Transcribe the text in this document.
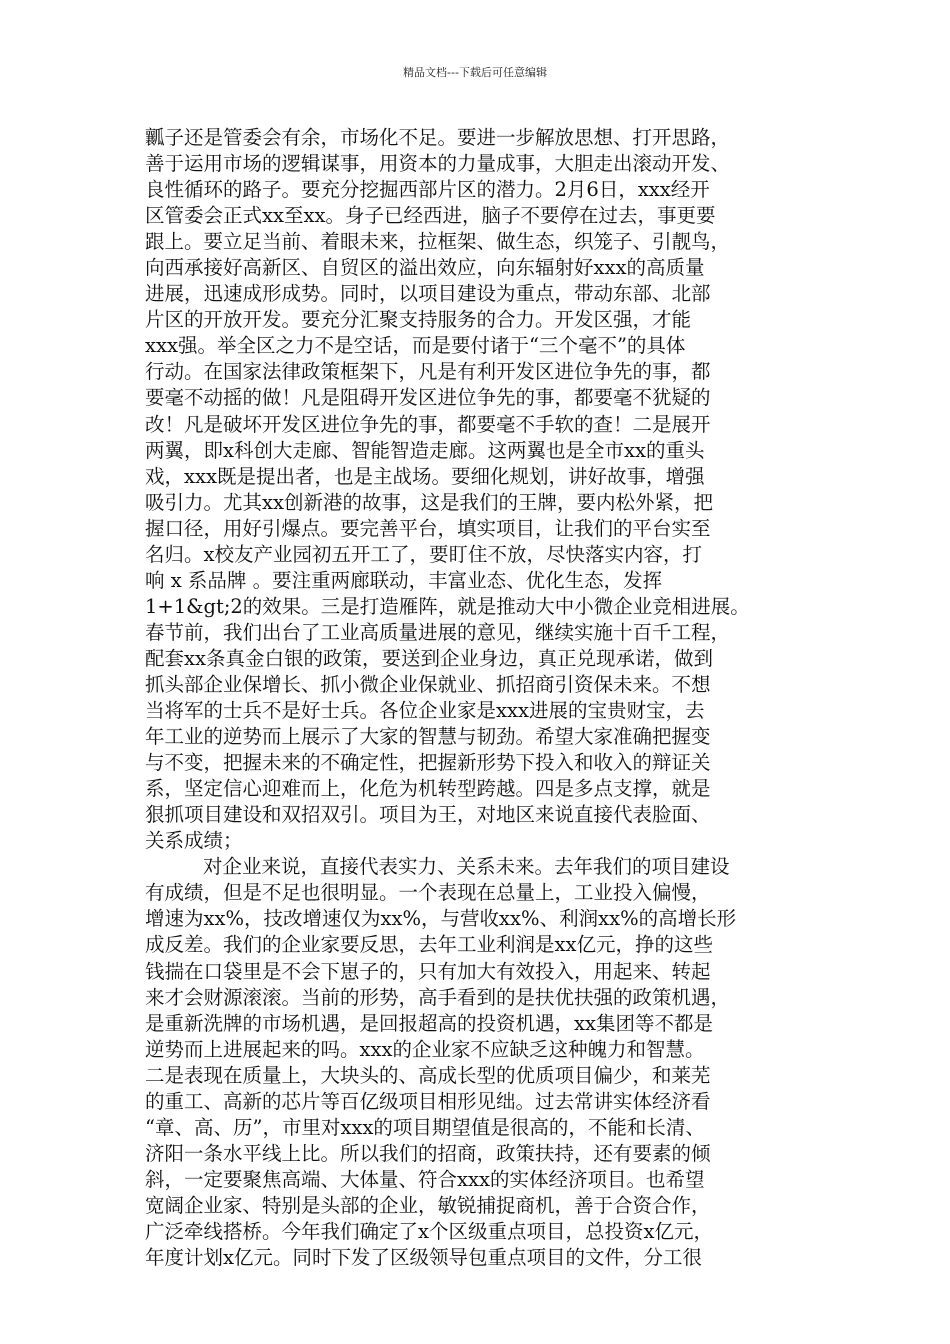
精品文档---下载后可任意编辑
瓤子还是管委会有余，市场化不足。要进一步解放思想、打开思路，
善于运用市场的逻辑谋事，用资本的力量成事，大胆走出滚动开发、
良性循环的路子。要充分挖掘西部片区的潜力。2月6日，xxx经开
区管委会正式xx至xx。身子已经西进，脑子不要停在过去，事更要
跟上。要立足当前、着眼未来，拉框架、做生态，织笼子、引靓鸟，
向西承接好高新区、自贸区的溢出效应，向东辐射好xxx的高质量
进展，迅速成形成势。同时，以项目建设为重点，带动东部、北部
片区的开放开发。要充分汇聚支持服务的合力。开发区强，才能
xxx强。举全区之力不是空话，而是要付诸于“三个毫不”的具体
行动。在国家法律政策框架下，凡是有利开发区进位争先的事，都
要毫不动摇的做！凡是阻碍开发区进位争先的事，都要毫不犹疑的
改！凡是破坏开发区进位争先的事，都要毫不手软的查！二是展开
两翼，即x科创大走廊、智能智造走廊。这两翼也是全市xx的重头
戏，xxx既是提出者，也是主战场。要细化规划，讲好故事，增强
吸引力。尤其xx创新港的故事，这是我们的王牌，要内松外紧，把
握口径，用好引爆点。要完善平台，填实项目，让我们的平台实至
名归。x校友产业园初五开工了，要盯住不放，尽快落实内容，打
响 x 系品牌 。要注重两廊联动，丰富业态、优化生态，发挥
1+1&gt;2的效果。三是打造雁阵，就是推动大中小微企业竞相进展。
春节前，我们出台了工业高质量进展的意见，继续实施十百千工程，
配套xx条真金白银的政策，要送到企业身边，真正兑现承诺，做到
抓头部企业保增长、抓小微企业保就业、抓招商引资保未来。不想
当将军的士兵不是好士兵。各位企业家是xxx进展的宝贵财宝，去
年工业的逆势而上展示了大家的智慧与韧劲。希望大家准确把握变
与不变，把握未来的不确定性，把握新形势下投入和收入的辩证关
系，坚定信心迎难而上，化危为机转型跨越。四是多点支撑，就是
狠抓项目建设和双招双引。项目为王，对地区来说直接代表脸面、
关系成绩；
对企业来说，直接代表实力、关系未来。去年我们的项目建设
有成绩，但是不足也很明显。一个表现在总量上，工业投入偏慢，
增速为xx%，技改增速仅为xx%，与营收xx%、利润xx%的高增长形
成反差。我们的企业家要反思，去年工业利润是xx亿元，挣的这些
钱揣在口袋里是不会下崽子的，只有加大有效投入，用起来、转起
来才会财源滚滚。当前的形势，高手看到的是扶优扶强的政策机遇，
是重新洗牌的市场机遇，是回报超高的投资机遇，xx集团等不都是
逆势而上进展起来的吗。xxx的企业家不应缺乏这种魄力和智慧。
二是表现在质量上，大块头的、高成长型的优质项目偏少，和莱芜
的重工、高新的芯片等百亿级项目相形见绌。过去常讲实体经济看
“章、高、历”，市里对xxx的项目期望值是很高的，不能和长清、
济阳一条水平线上比。所以我们的招商，政策扶持，还有要素的倾
斜，一定要聚焦高端、大体量、符合xxx的实体经济项目。也希望
宽阔企业家、特别是头部的企业，敏锐捕捉商机，善于合资合作，
广泛牵线搭桥。今年我们确定了x个区级重点项目，总投资x亿元，
年度计划x亿元。同时下发了区级领导包重点项目的文件，分工很
